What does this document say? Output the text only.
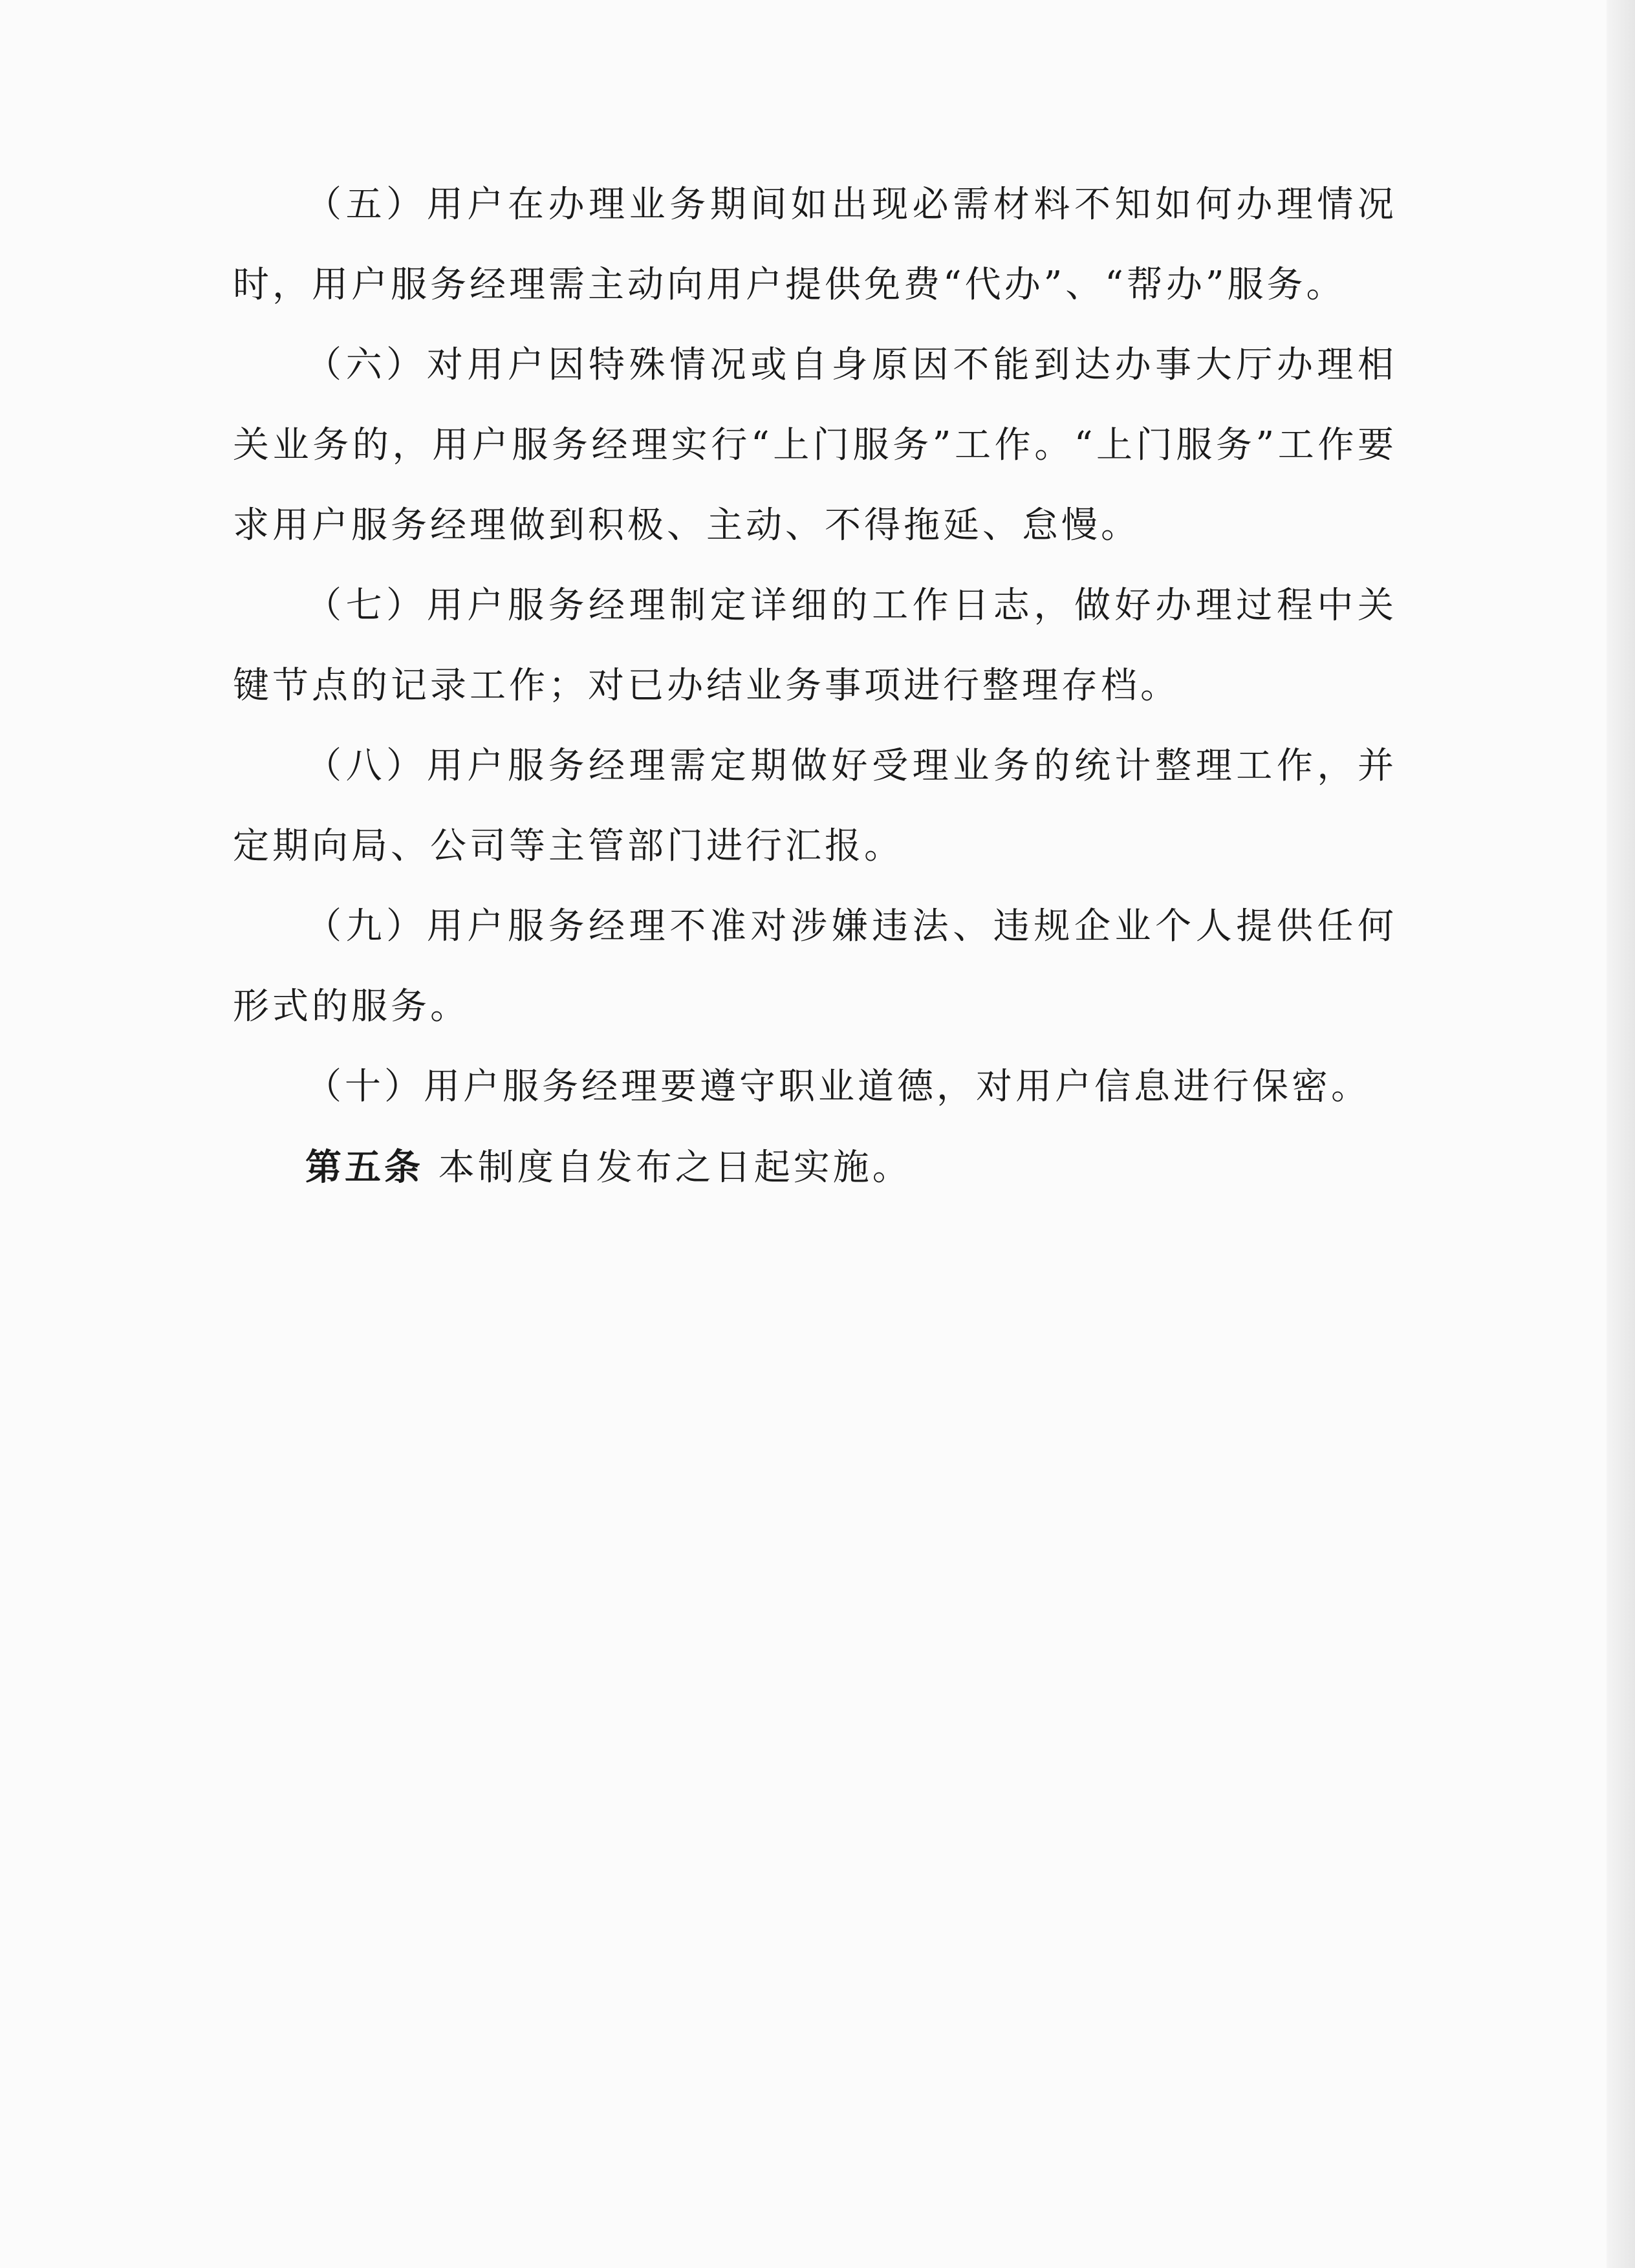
（五）用户在办理业务期间如出现必需材料不知如何办理情况时，用户服务经理需主动向用户提供免费“代办”、“帮办”服务。

（六）对用户因特殊情况或自身原因不能到达办事大厅办理相关业务的，用户服务经理实行“上门服务”工作。“上门服务”工作要求用户服务经理做到积极、主动、不得拖延、怠慢。

（七）用户服务经理制定详细的工作日志，做好办理过程中关键节点的记录工作；对已办结业务事项进行整理存档。

（八）用户服务经理需定期做好受理业务的统计整理工作，并定期向局、公司等主管部门进行汇报。

（九）用户服务经理不准对涉嫌违法、违规企业个人提供任何形式的服务。

（十）用户服务经理要遵守职业道德，对用户信息进行保密。

第五条 本制度自发布之日起实施。
